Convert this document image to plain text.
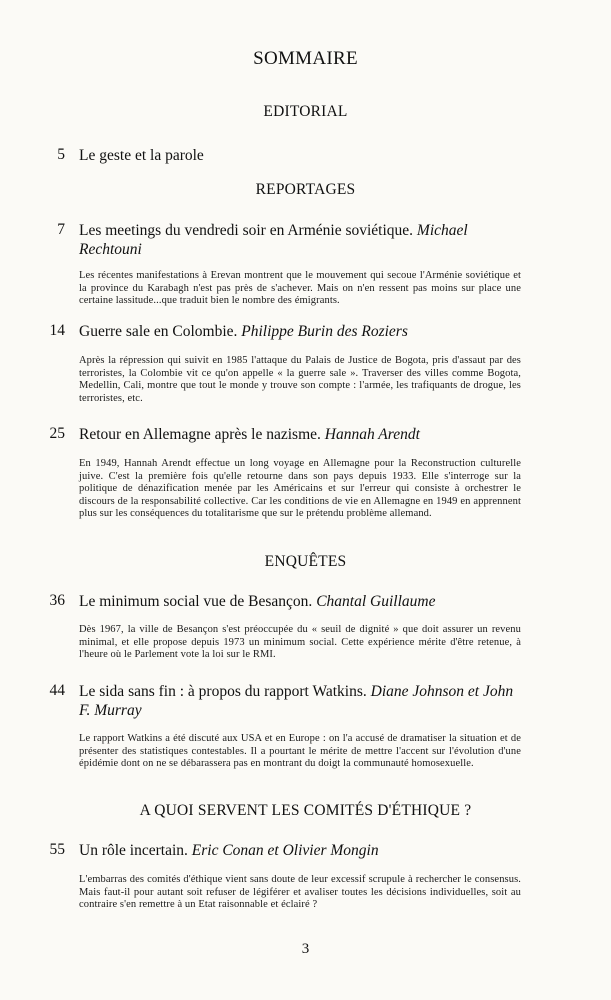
SOMMAIRE
EDITORIAL
5 Le geste et la parole
REPORTAGES
7 Les meetings du vendredi soir en Arménie soviétique. Michael Rechtouni
Les récentes manifestations à Erevan montrent que le mouvement qui secoue l'Arménie soviétique et la province du Karabagh n'est pas près de s'achever. Mais on n'en ressent pas moins sur place une certaine lassitude...que traduit bien le nombre des émigrants.
14 Guerre sale en Colombie. Philippe Burin des Roziers
Après la répression qui suivit en 1985 l'attaque du Palais de Justice de Bogota, pris d'assaut par des terroristes, la Colombie vit ce qu'on appelle « la guerre sale ». Traverser des villes comme Bogota, Medellin, Cali, montre que tout le monde y trouve son compte : l'armée, les trafiquants de drogue, les terroristes, etc.
25 Retour en Allemagne après le nazisme. Hannah Arendt
En 1949, Hannah Arendt effectue un long voyage en Allemagne pour la Reconstruction culturelle juive. C'est la première fois qu'elle retourne dans son pays depuis 1933. Elle s'interroge sur la politique de dénazification menée par les Américains et sur l'erreur qui consiste à orchestrer le discours de la responsabilité collective. Car les conditions de vie en Allemagne en 1949 en apprennent plus sur les conséquences du totalitarisme que sur le prétendu problème allemand.
ENQUÊTES
36 Le minimum social vue de Besançon. Chantal Guillaume
Dès 1967, la ville de Besançon s'est préoccupée du « seuil de dignité » que doit assurer un revenu minimal, et elle propose depuis 1973 un minimum social. Cette expérience mérite d'être retenue, à l'heure où le Parlement vote la loi sur le RMI.
44 Le sida sans fin : à propos du rapport Watkins. Diane Johnson et John F. Murray
Le rapport Watkins a été discuté aux USA et en Europe : on l'a accusé de dramatiser la situation et de présenter des statistiques contestables. Il a pourtant le mérite de mettre l'accent sur l'évolution d'une épidémie dont on ne se débarassera pas en montrant du doigt la communauté homosexuelle.
A QUOI SERVENT LES COMITÉS D'ÉTHIQUE ?
55 Un rôle incertain. Eric Conan et Olivier Mongin
L'embarras des comités d'éthique vient sans doute de leur excessif scrupule à rechercher le consensus. Mais faut-il pour autant soit refuser de légiférer et avaliser toutes les décisions individuelles, soit au contraire s'en remettre à un Etat raisonnable et éclairé ?
3
